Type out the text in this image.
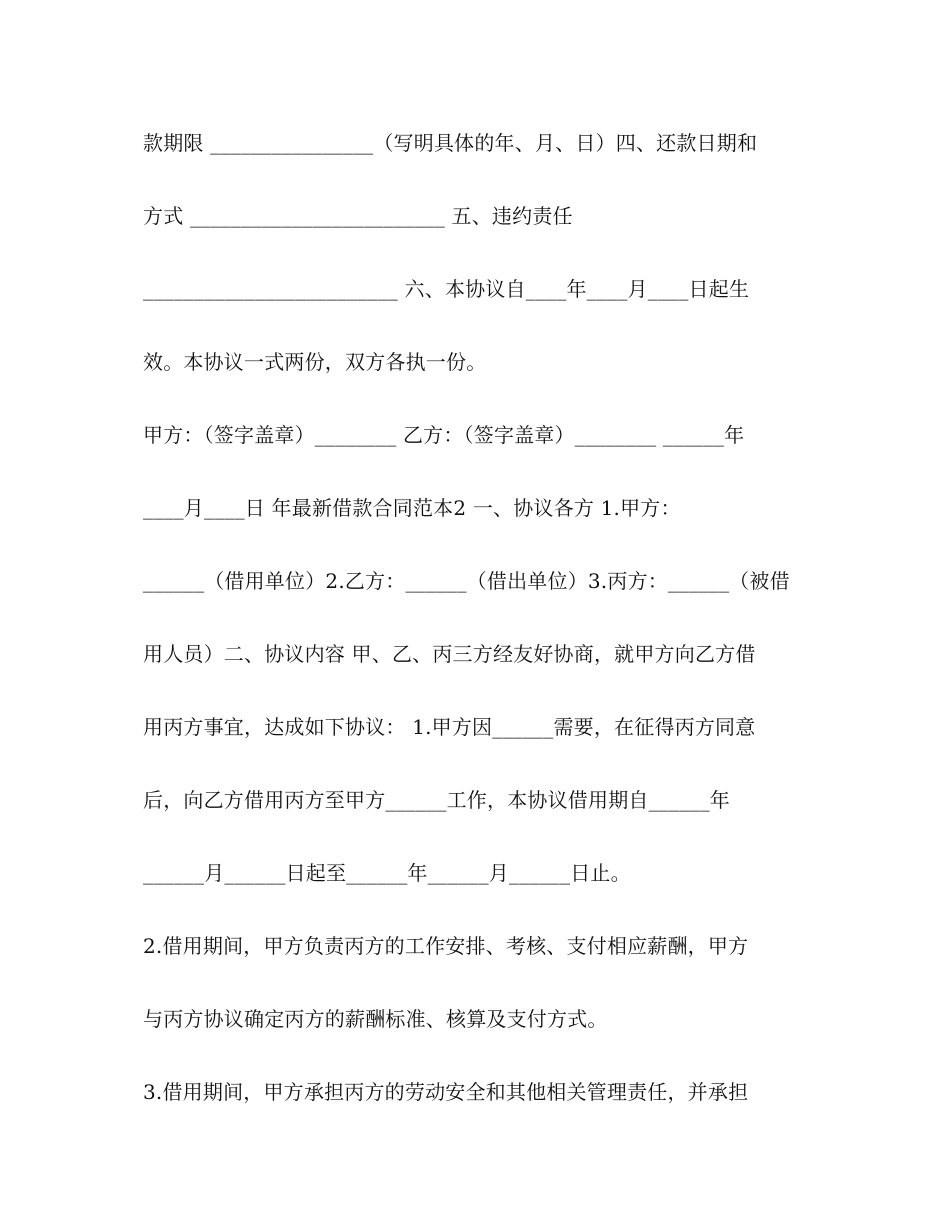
款期限 ________________（写明具体的年、月、日）四、还款日期和
方式 _________________________ 五、违约责任
_________________________ 六、本协议自____年____月____日起生
效。本协议一式两份，双方各执一份。
甲方：（签字盖章）________ 乙方：（签字盖章）________ ______年
____月____日 年最新借款合同范本2 一、协议各方 1.甲方：
______（借用单位）2.乙方：______（借出单位）3.丙方：______（被借
用人员）二、协议内容 甲、乙、丙三方经友好协商，就甲方向乙方借
用丙方事宜，达成如下协议： 1.甲方因______需要，在征得丙方同意
后，向乙方借用丙方至甲方______工作，本协议借用期自______年
______月______日起至______年______月______日止。
2.借用期间，甲方负责丙方的工作安排、考核、支付相应薪酬，甲方
与丙方协议确定丙方的薪酬标准、核算及支付方式。
3.借用期间，甲方承担丙方的劳动安全和其他相关管理责任，并承担
